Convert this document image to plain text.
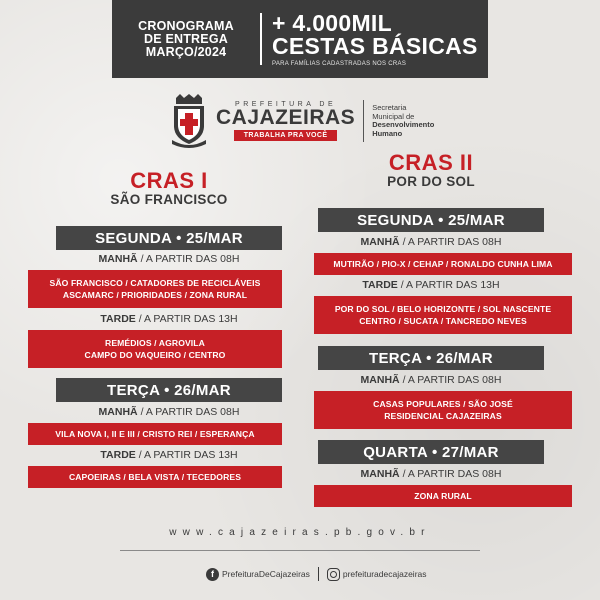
CRONOGRAMA
DE ENTREGA
MARÇO/2024
+ 4.000MIL
CESTAS BÁSICAS
PARA FAMÍLIAS CADASTRADAS NOS CRAS
PREFEITURA DE
CAJAZEIRAS
TRABALHA PRA VOCÊ
Secretaria
Municipal de
Desenvolvimento
Humano
CRAS I
SÃO FRANCISCO
SEGUNDA • 25/MAR
MANHÃ / A PARTIR DAS 08H
SÃO FRANCISCO / CATADORES DE RECICLÁVEIS
ASCAMARC / PRIORIDADES / ZONA RURAL
TARDE / A PARTIR DAS 13H
REMÉDIOS / AGROVILA
CAMPO DO VAQUEIRO / CENTRO
TERÇA • 26/MAR
MANHÃ / A PARTIR DAS 08H
VILA NOVA I, II E III / CRISTO REI / ESPERANÇA
TARDE / A PARTIR DAS 13H
CAPOEIRAS / BELA VISTA / TECEDORES
CRAS II
POR DO SOL
SEGUNDA • 25/MAR
MANHÃ / A PARTIR DAS 08H
MUTIRÃO / PIO-X / CEHAP / RONALDO CUNHA LIMA
TARDE / A PARTIR DAS 13H
POR DO SOL / BELO HORIZONTE / SOL NASCENTE
CENTRO / SUCATA / TANCREDO NEVES
TERÇA • 26/MAR
MANHÃ / A PARTIR DAS 08H
CASAS POPULARES / SÃO JOSÉ
RESIDENCIAL CAJAZEIRAS
QUARTA • 27/MAR
MANHÃ / A PARTIR DAS 08H
ZONA RURAL
www.cajazeiras.pb.gov.br
f PrefeituraDeCajazeiras	prefeituradecajazeiras
